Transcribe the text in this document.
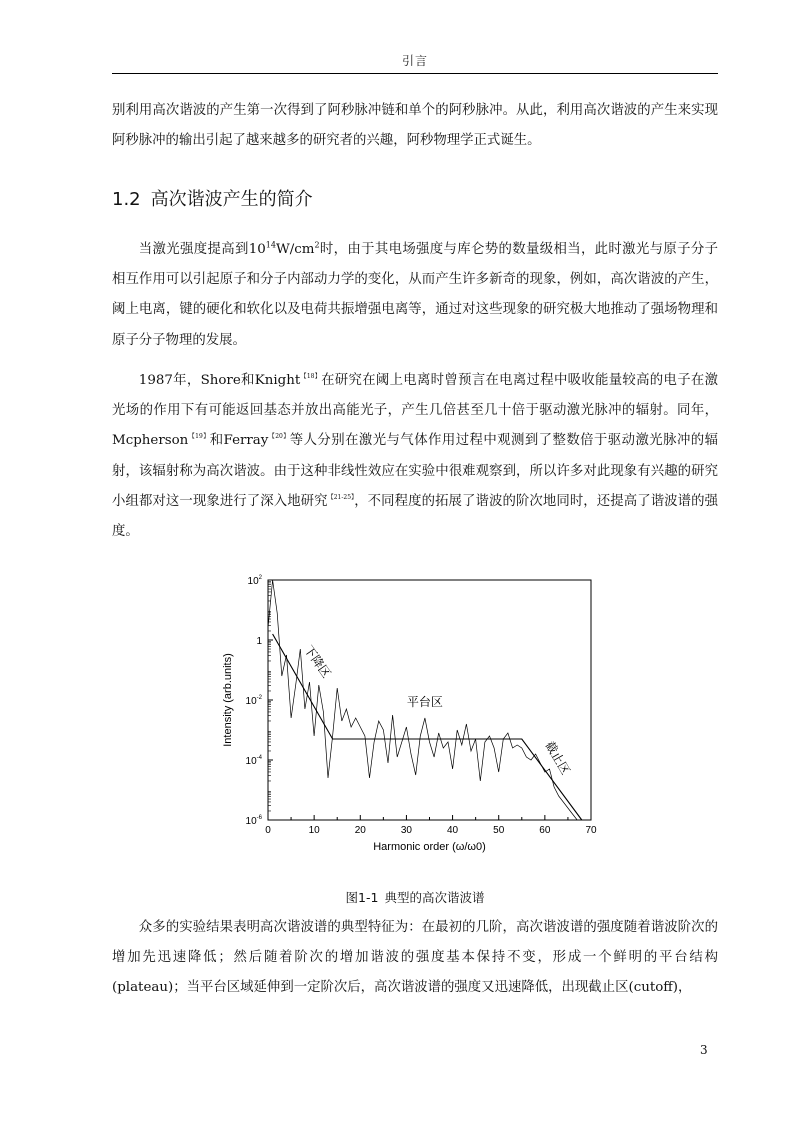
引言

别利用高次谐波的产生第一次得到了阿秒脉冲链和单个的阿秒脉冲。从此，利用高次谐波的产生来实现阿秒脉冲的输出引起了越来越多的研究者的兴趣，阿秒物理学正式诞生。

1.2 高次谐波产生的简介

当激光强度提高到$10^{14}W/cm^2$时，由于其电场强度与库仑势的数量级相当，此时激光与原子分子相互作用可以引起原子和分子内部动力学的变化，从而产生许多新奇的现象，例如，高次谐波的产生，阈上电离，键的硬化和软化以及电荷共振增强电离等，通过对这些现象的研究极大地推动了强场物理和原子分子物理的发展。

1987年，Shore和Knight$^{【18】}$在研究在阈上电离时曾预言在电离过程中吸收能量较高的电子在激光场的作用下有可能返回基态并放出高能光子，产生几倍甚至几十倍于驱动激光脉冲的辐射。同年，Mcpherson$^{【19】}$和Ferray$^{【20】}$等人分别在激光与气体作用过程中观测到了整数倍于驱动激光脉冲的辐射，该辐射称为高次谐波。由于这种非线性效应在实验中很难观察到，所以许多对此现象有兴趣的研究小组都对这一现象进行了深入地研究$^{【21-25】}$，不同程度的拓展了谐波的阶次地同时，还提高了谐波谱的强度。

0	10	20	30	40	50	60	70
$10^2$
1
$10^{-2}$
$10^{-4}$
$10^{-6}$
Harmonic order (ω/ω0)
Intensity (arb.units)	下降区
平台区
截止区
图1-1 典型的高次谐波谱

众多的实验结果表明高次谐波谱的典型特征为：在最初的几阶，高次谐波谱的强度随着谐波阶次的增加先迅速降低；然后随着阶次的增加谐波的强度基本保持不变，形成一个鲜明的平台结构(plateau)；当平台区域延伸到一定阶次后，高次谐波谱的强度又迅速降低，出现截止区(cutoff)，

3
